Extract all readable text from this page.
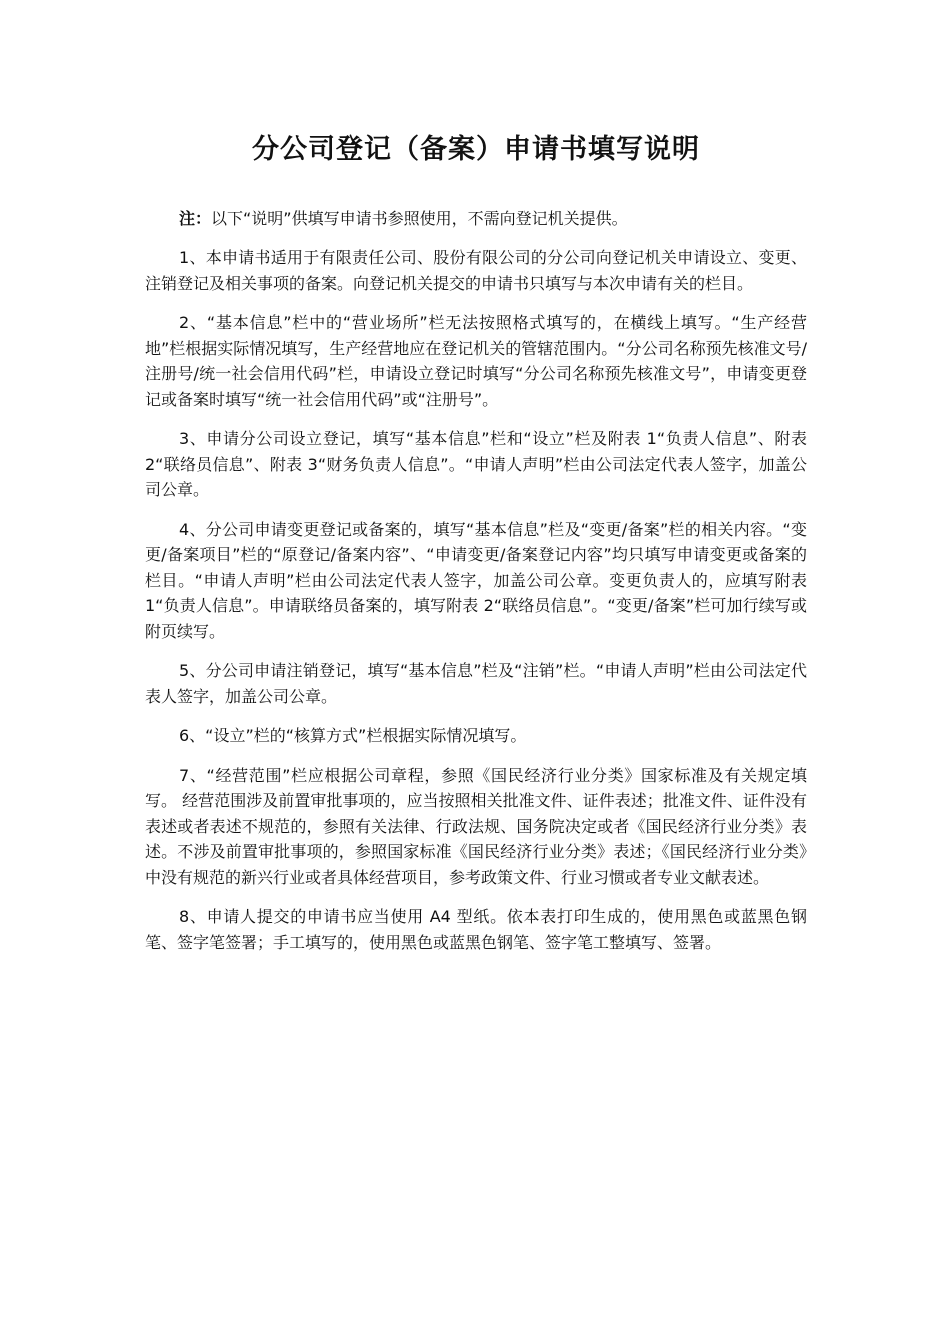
分公司登记（备案）申请书填写说明

注：以下“说明”供填写申请书参照使用，不需向登记机关提供。

1、本申请书适用于有限责任公司、股份有限公司的分公司向登记机关申请设立、变更、注销登记及相关事项的备案。向登记机关提交的申请书只填写与本次申请有关的栏目。

2、“基本信息”栏中的“营业场所”栏无法按照格式填写的，在横线上填写。“生产经营地”栏根据实际情况填写，生产经营地应在登记机关的管辖范围内。“分公司名称预先核准文号/注册号/统一社会信用代码”栏，申请设立登记时填写“分公司名称预先核准文号”，申请变更登记或备案时填写“统一社会信用代码”或“注册号”。

3、申请分公司设立登记，填写“基本信息”栏和“设立”栏及附表 1“负责人信息”、附表 2“联络员信息”、附表 3“财务负责人信息”。“申请人声明”栏由公司法定代表人签字，加盖公司公章。

4、分公司申请变更登记或备案的，填写“基本信息”栏及“变更/备案”栏的相关内容。“变更/备案项目”栏的“原登记/备案内容”、“申请变更/备案登记内容”均只填写申请变更或备案的栏目。“申请人声明”栏由公司法定代表人签字，加盖公司公章。变更负责人的，应填写附表 1“负责人信息”。申请联络员备案的，填写附表 2“联络员信息”。“变更/备案”栏可加行续写或附页续写。

5、分公司申请注销登记，填写“基本信息”栏及“注销”栏。“申请人声明”栏由公司法定代表人签字，加盖公司公章。

6、“设立”栏的“核算方式”栏根据实际情况填写。

7、“经营范围”栏应根据公司章程，参照《国民经济行业分类》国家标准及有关规定填写。 经营范围涉及前置审批事项的，应当按照相关批准文件、证件表述；批准文件、证件没有表述或者表述不规范的，参照有关法律、行政法规、国务院决定或者《国民经济行业分类》表述。不涉及前置审批事项的，参照国家标准《国民经济行业分类》表述；《国民经济行业分类》中没有规范的新兴行业或者具体经营项目，参考政策文件、行业习惯或者专业文献表述。

8、申请人提交的申请书应当使用 A4 型纸。依本表打印生成的，使用黑色或蓝黑色钢笔、签字笔签署；手工填写的，使用黑色或蓝黑色钢笔、签字笔工整填写、签署。
